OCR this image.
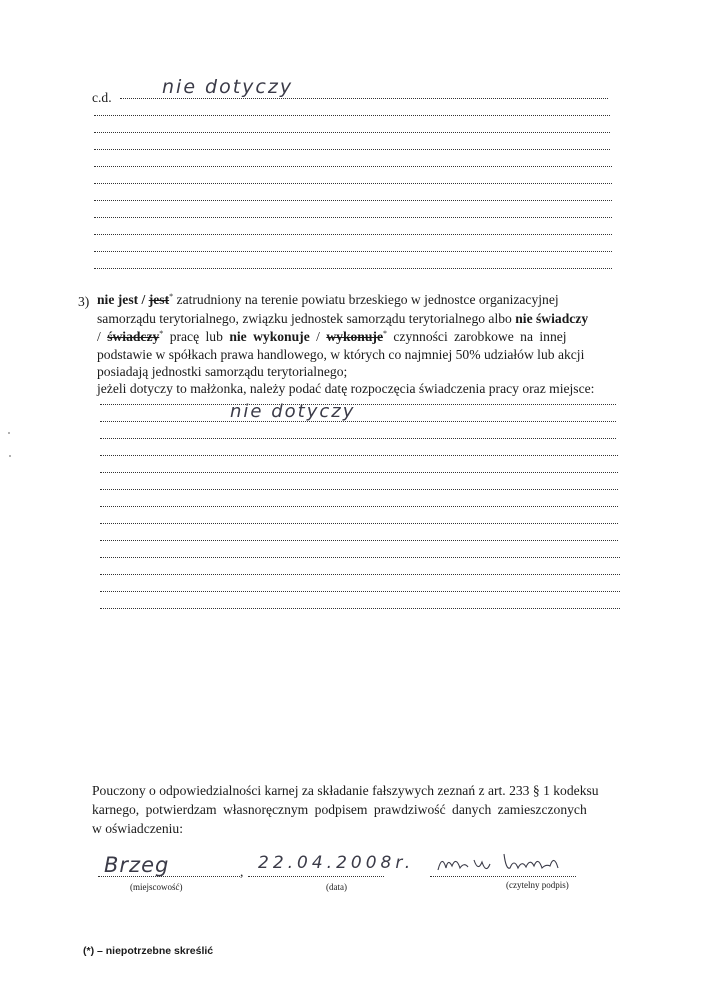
c.d.	nie dotyczy
3) nie jest / jest* zatrudniony na terenie powiatu brzeskiego w jednostce organizacyjnej
samorządu terytorialnego, związku jednostek samorządu terytorialnego albo nie świadczy
/ świadczy* pracę lub nie wykonuje / wykonuje* czynności zarobkowe na innej
podstawie w spółkach prawa handlowego, w których co najmniej 50% udziałów lub akcji
posiadają jednostki samorządu terytorialnego;
jeżeli dotyczy to małżonka, należy podać datę rozpoczęcia świadczenia pracy oraz miejsce:
nie dotyczy
Pouczony o odpowiedzialności karnej za składanie fałszywych zeznań z art. 233 § 1 kodeksu
karnego, potwierdzam własnoręcznym podpisem prawdziwość danych zamieszczonych
w oświadczeniu:
Brzeg	,
(miejscowość)
22.04.2008r.
(data)	(czytelny podpis)
(*) – niepotrzebne skreślić
